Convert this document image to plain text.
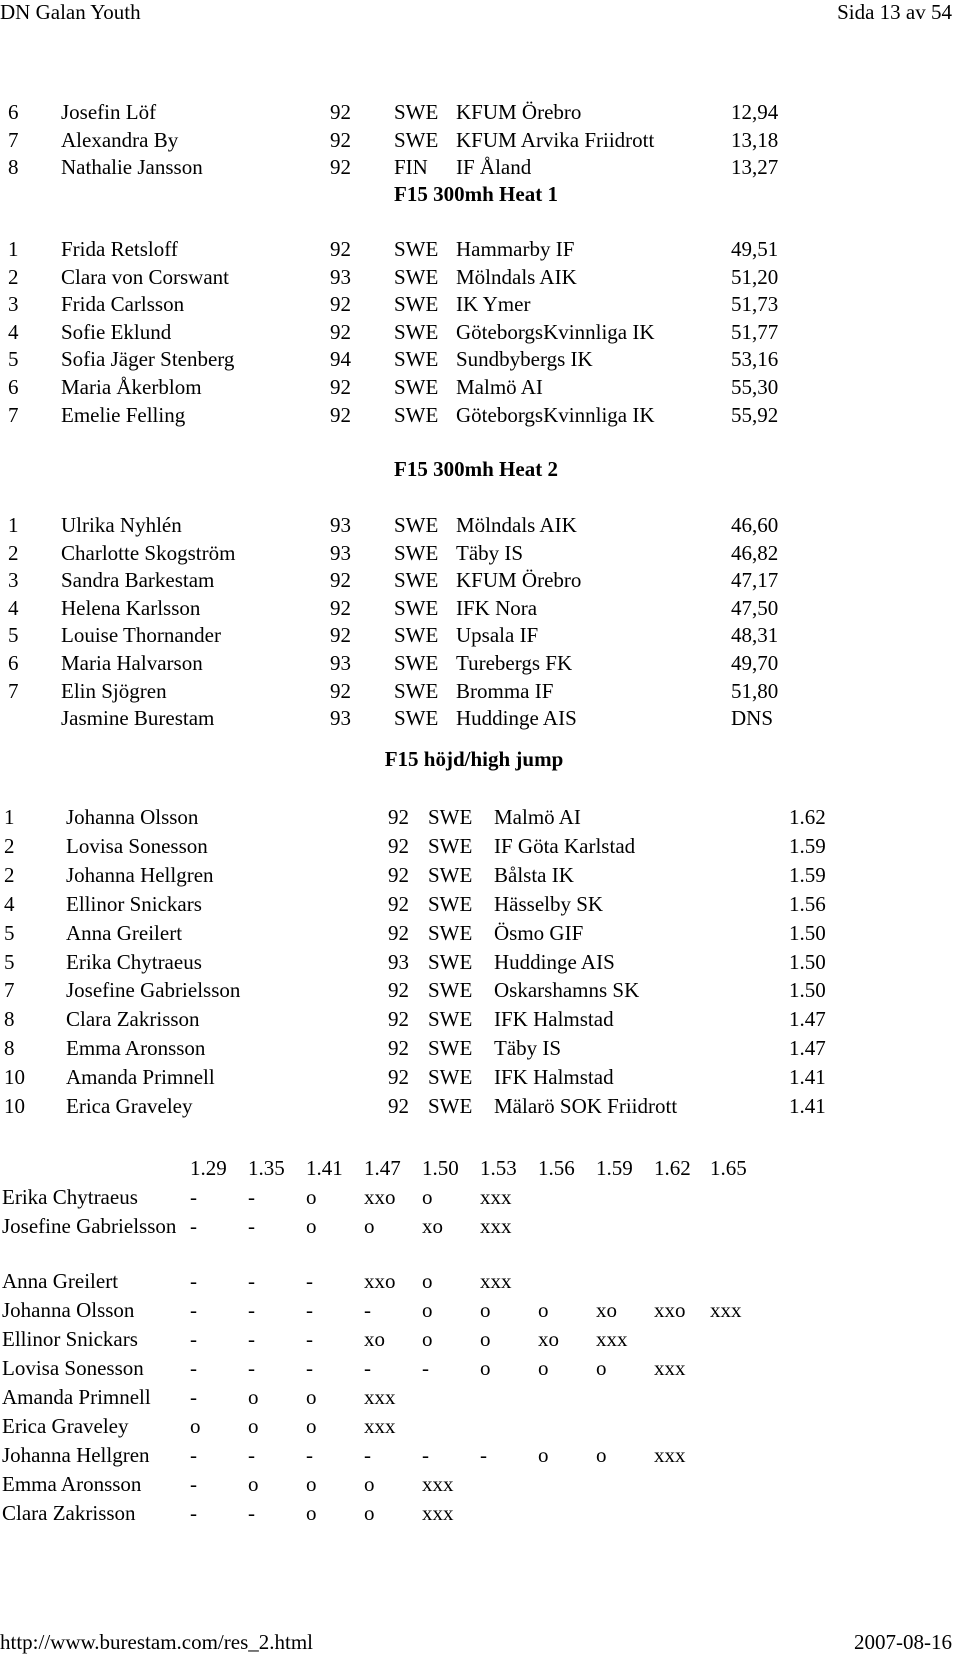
DN Galan Youth	Sida 13 av 54
6 Josefin Löf	92 SWE KFUM Örebro	12,94
7 Alexandra By	92 SWE KFUM Arvika Friidrott	13,18
8 Nathalie Jansson	92 FIN IF Åland	13,27
F15 300mh Heat 1
1 Frida Retsloff	92 SWE Hammarby IF	49,51
2 Clara von Corswant	93 SWE Mölndals AIK	51,20
3 Frida Carlsson	92 SWE IK Ymer	51,73
4 Sofie Eklund	92 SWE GöteborgsKvinnliga IK	51,77
5 Sofia Jäger Stenberg	94 SWE Sundbybergs IK	53,16
6 Maria Åkerblom	92 SWE Malmö AI	55,30
7 Emelie Felling	92 SWE GöteborgsKvinnliga IK	55,92
F15 300mh Heat 2
1 Ulrika Nyhlén	93 SWE Mölndals AIK	46,60
2 Charlotte Skogström	93 SWE Täby IS	46,82
3 Sandra Barkestam	92 SWE KFUM Örebro	47,17
4 Helena Karlsson	92 SWE IFK Nora	47,50
5 Louise Thornander	92 SWE Upsala IF	48,31
6 Maria Halvarson	93 SWE Turebergs FK	49,70
7 Elin Sjögren	92 SWE Bromma IF	51,80
Jasmine Burestam	93 SWE Huddinge AIS	DNS
F15 höjd/high jump
1 Johanna Olsson	92 SWE Malmö AI	1.62
2 Lovisa Sonesson	92 SWE IF Göta Karlstad	1.59
2 Johanna Hellgren	92 SWE Bålsta IK	1.59
4 Ellinor Snickars	92 SWE Hässelby SK	1.56
5 Anna Greilert	92 SWE Ösmo GIF	1.50
5 Erika Chytraeus	93 SWE Huddinge AIS	1.50
7 Josefine Gabrielsson	92 SWE Oskarshamns SK	1.50
8 Clara Zakrisson	92 SWE IFK Halmstad	1.47
8 Emma Aronsson	92 SWE Täby IS	1.47
10 Amanda Primnell	92 SWE IFK Halmstad	1.41
10 Erica Graveley	92 SWE Mälarö SOK Friidrott	1.41
1.29 1.35 1.41 1.47 1.50 1.53 1.56 1.59 1.62 1.65
Erika Chytraeus - - o xxo o xxx
Josefine Gabrielsson - - o o xo xxx
Anna Greilert	- - - xxo o xxx
Johanna Olsson	- - - - o o o xo xxo xxx
Ellinor Snickars - - - xo o o xo xxx
Lovisa Sonesson - - - - - o o o xxx
Amanda Primnell - o o xxx
Erica Graveley	o o o xxx
Johanna Hellgren - - - - - - o o xxx
Emma Aronsson - o o o xxx
Clara Zakrisson	- - o o xxx
http://www.burestam.com/res_2.html	2007-08-16
